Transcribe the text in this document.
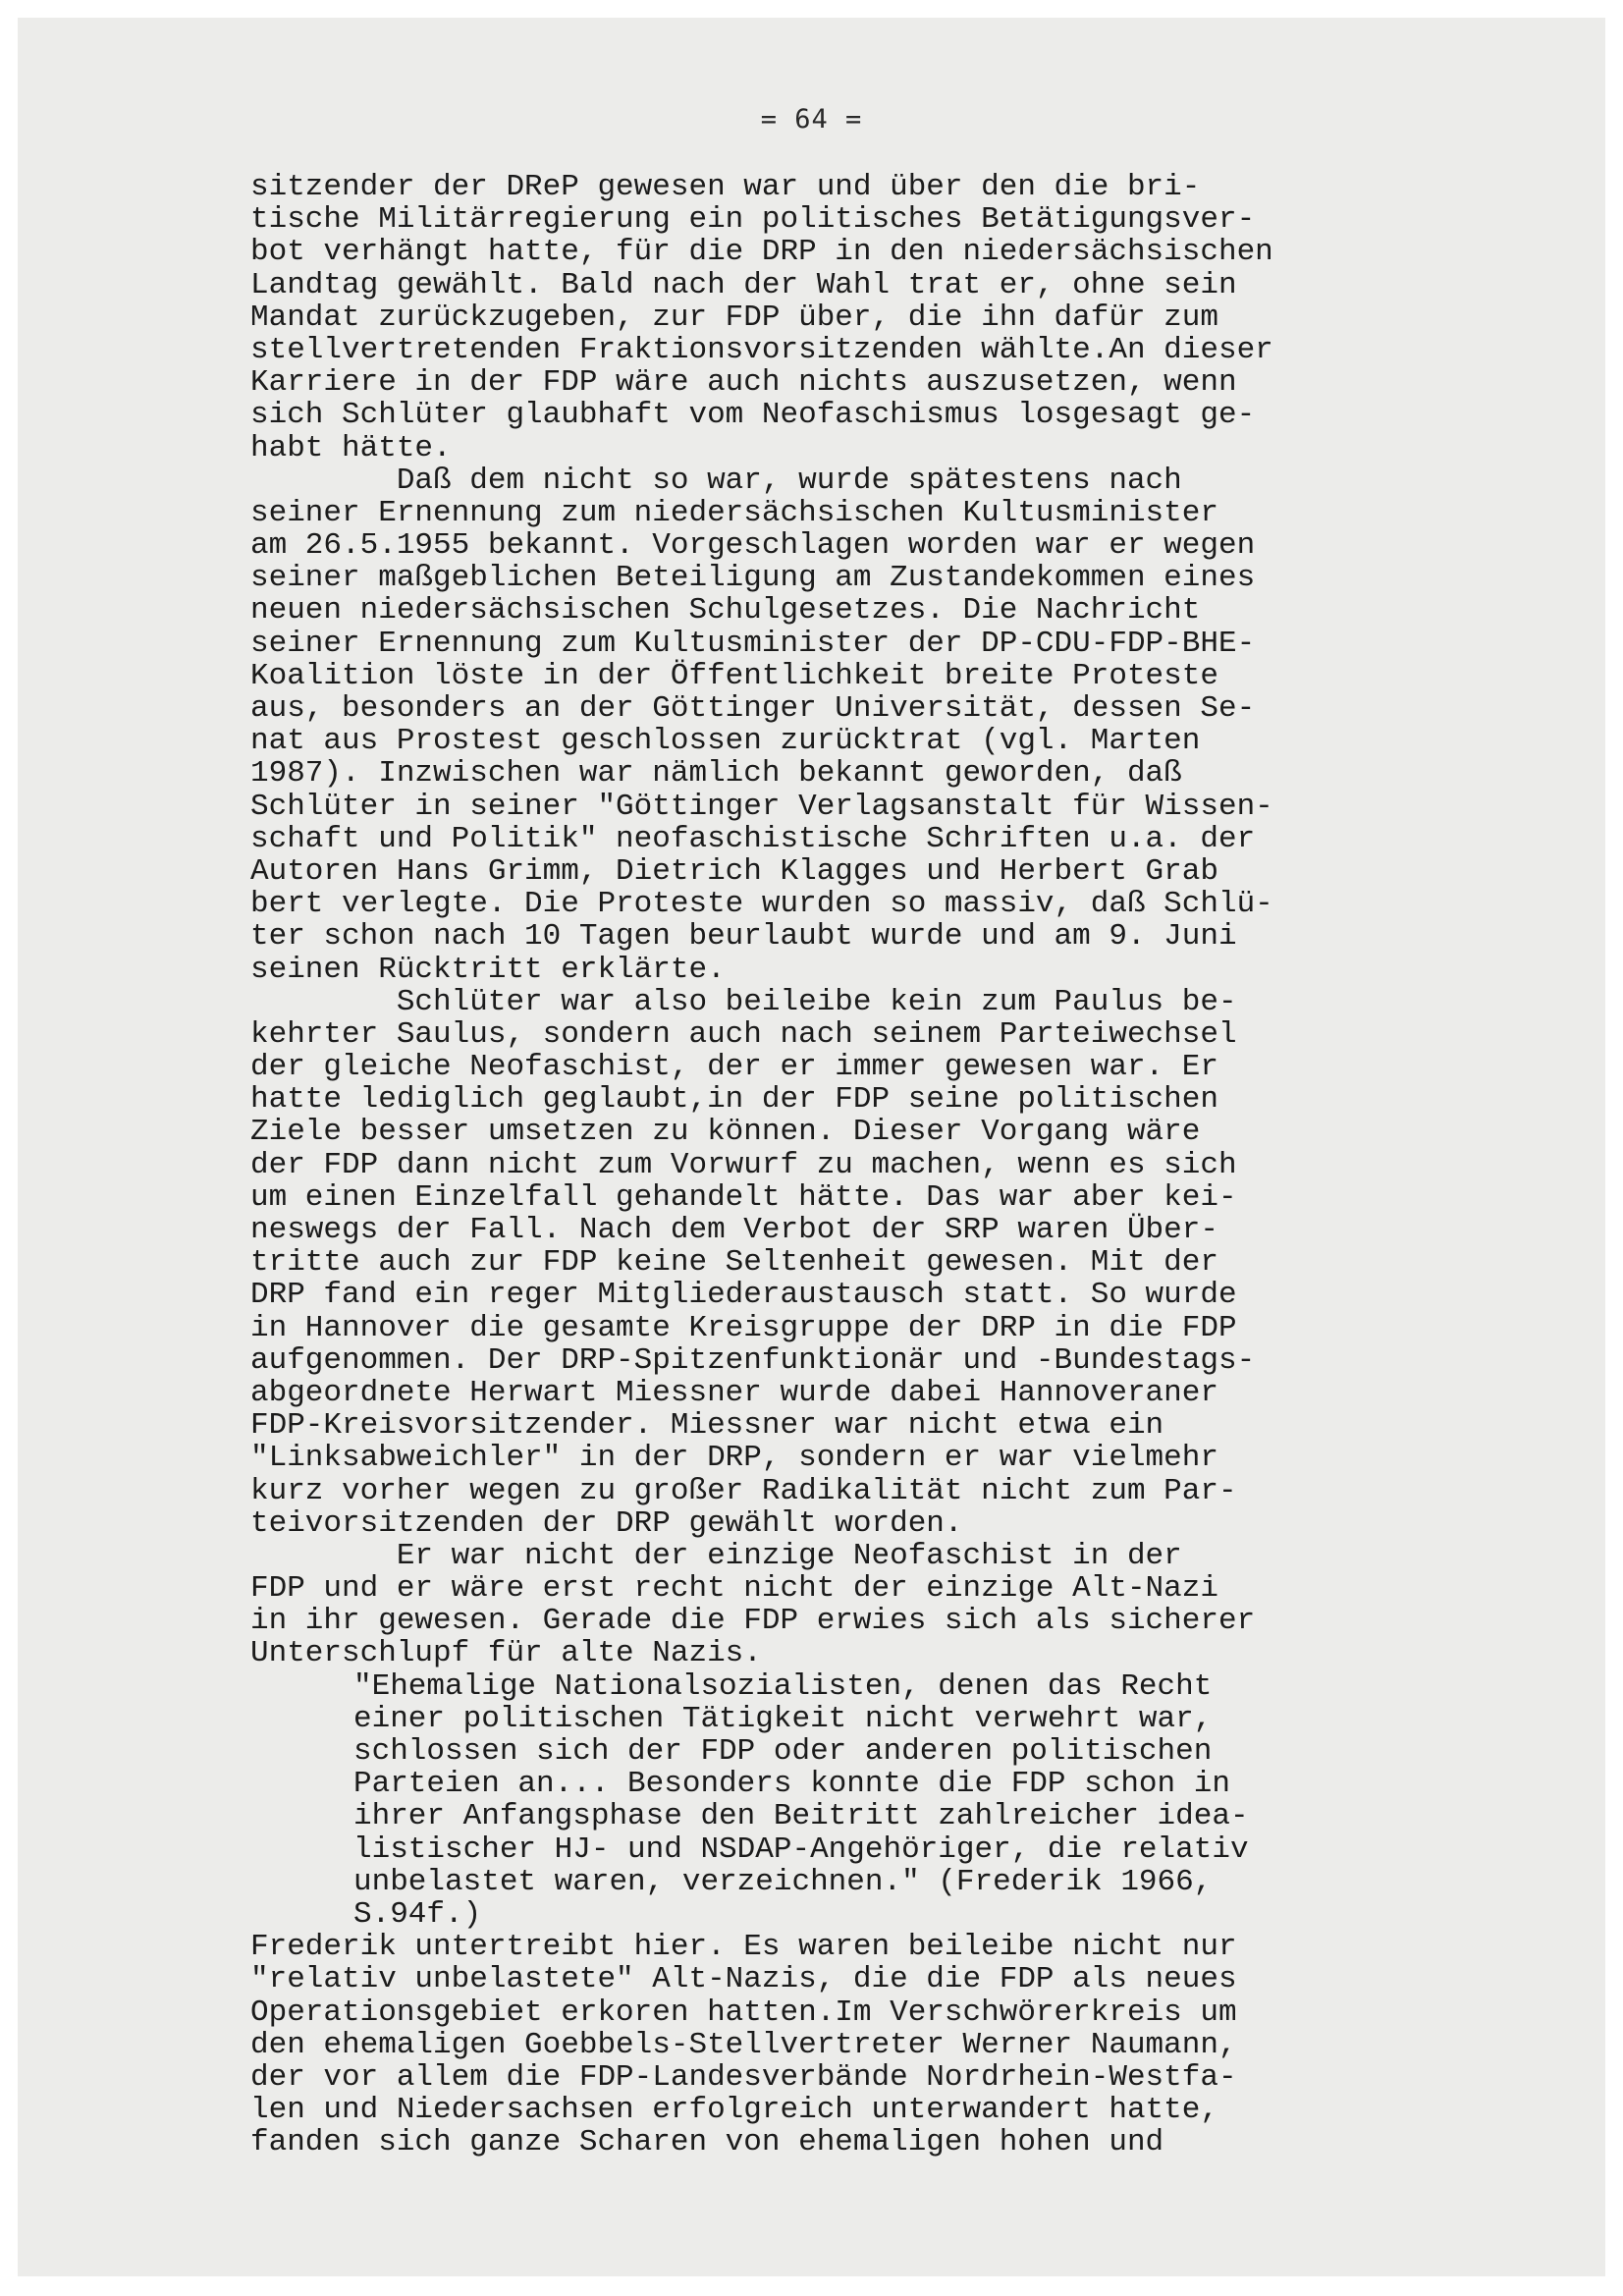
= 64 =
sitzender der DReP gewesen war und über den die bri-
tische Militärregierung ein politisches Betätigungsver-
bot verhängt hatte, für die DRP in den niedersächsischen
Landtag gewählt. Bald nach der Wahl trat er, ohne sein
Mandat zurückzugeben, zur FDP über, die ihn dafür zum
stellvertretenden Fraktionsvorsitzenden wählte.An dieser
Karriere in der FDP wäre auch nichts auszusetzen, wenn
sich Schlüter glaubhaft vom Neofaschismus losgesagt ge-
habt hätte.
Daß dem nicht so war, wurde spätestens nach
seiner Ernennung zum niedersächsischen Kultusminister
am 26.5.1955 bekannt. Vorgeschlagen worden war er wegen
seiner maßgeblichen Beteiligung am Zustandekommen eines
neuen niedersächsischen Schulgesetzes. Die Nachricht
seiner Ernennung zum Kultusminister der DP-CDU-FDP-BHE-
Koalition löste in der Öffentlichkeit breite Proteste
aus, besonders an der Göttinger Universität, dessen Se-
nat aus Prostest geschlossen zurücktrat (vgl. Marten
1987). Inzwischen war nämlich bekannt geworden, daß
Schlüter in seiner "Göttinger Verlagsanstalt für Wissen-
schaft und Politik" neofaschistische Schriften u.a. der
Autoren Hans Grimm, Dietrich Klagges und Herbert Grab
bert verlegte. Die Proteste wurden so massiv, daß Schlü-
ter schon nach 10 Tagen beurlaubt wurde und am 9. Juni
seinen Rücktritt erklärte.
Schlüter war also beileibe kein zum Paulus be-
kehrter Saulus, sondern auch nach seinem Parteiwechsel
der gleiche Neofaschist, der er immer gewesen war. Er
hatte lediglich geglaubt,in der FDP seine politischen
Ziele besser umsetzen zu können. Dieser Vorgang wäre
der FDP dann nicht zum Vorwurf zu machen, wenn es sich
um einen Einzelfall gehandelt hätte. Das war aber kei-
neswegs der Fall. Nach dem Verbot der SRP waren Über-
tritte auch zur FDP keine Seltenheit gewesen. Mit der
DRP fand ein reger Mitgliederaustausch statt. So wurde
in Hannover die gesamte Kreisgruppe der DRP in die FDP
aufgenommen. Der DRP-Spitzenfunktionär und -Bundestags-
abgeordnete Herwart Miessner wurde dabei Hannoveraner
FDP-Kreisvorsitzender. Miessner war nicht etwa ein
"Linksabweichler" in der DRP, sondern er war vielmehr
kurz vorher wegen zu großer Radikalität nicht zum Par-
teivorsitzenden der DRP gewählt worden.
Er war nicht der einzige Neofaschist in der
FDP und er wäre erst recht nicht der einzige Alt-Nazi
in ihr gewesen. Gerade die FDP erwies sich als sicherer
Unterschlupf für alte Nazis.
"Ehemalige Nationalsozialisten, denen das Recht
einer politischen Tätigkeit nicht verwehrt war,
schlossen sich der FDP oder anderen politischen
Parteien an... Besonders konnte die FDP schon in
ihrer Anfangsphase den Beitritt zahlreicher idea-
listischer HJ- und NSDAP-Angehöriger, die relativ
unbelastet waren, verzeichnen." (Frederik 1966,
S.94f.)
Frederik untertreibt hier. Es waren beileibe nicht nur
"relativ unbelastete" Alt-Nazis, die die FDP als neues
Operationsgebiet erkoren hatten.Im Verschwörerkreis um
den ehemaligen Goebbels-Stellvertreter Werner Naumann,
der vor allem die FDP-Landesverbände Nordrhein-Westfa-
len und Niedersachsen erfolgreich unterwandert hatte,
fanden sich ganze Scharen von ehemaligen hohen und
